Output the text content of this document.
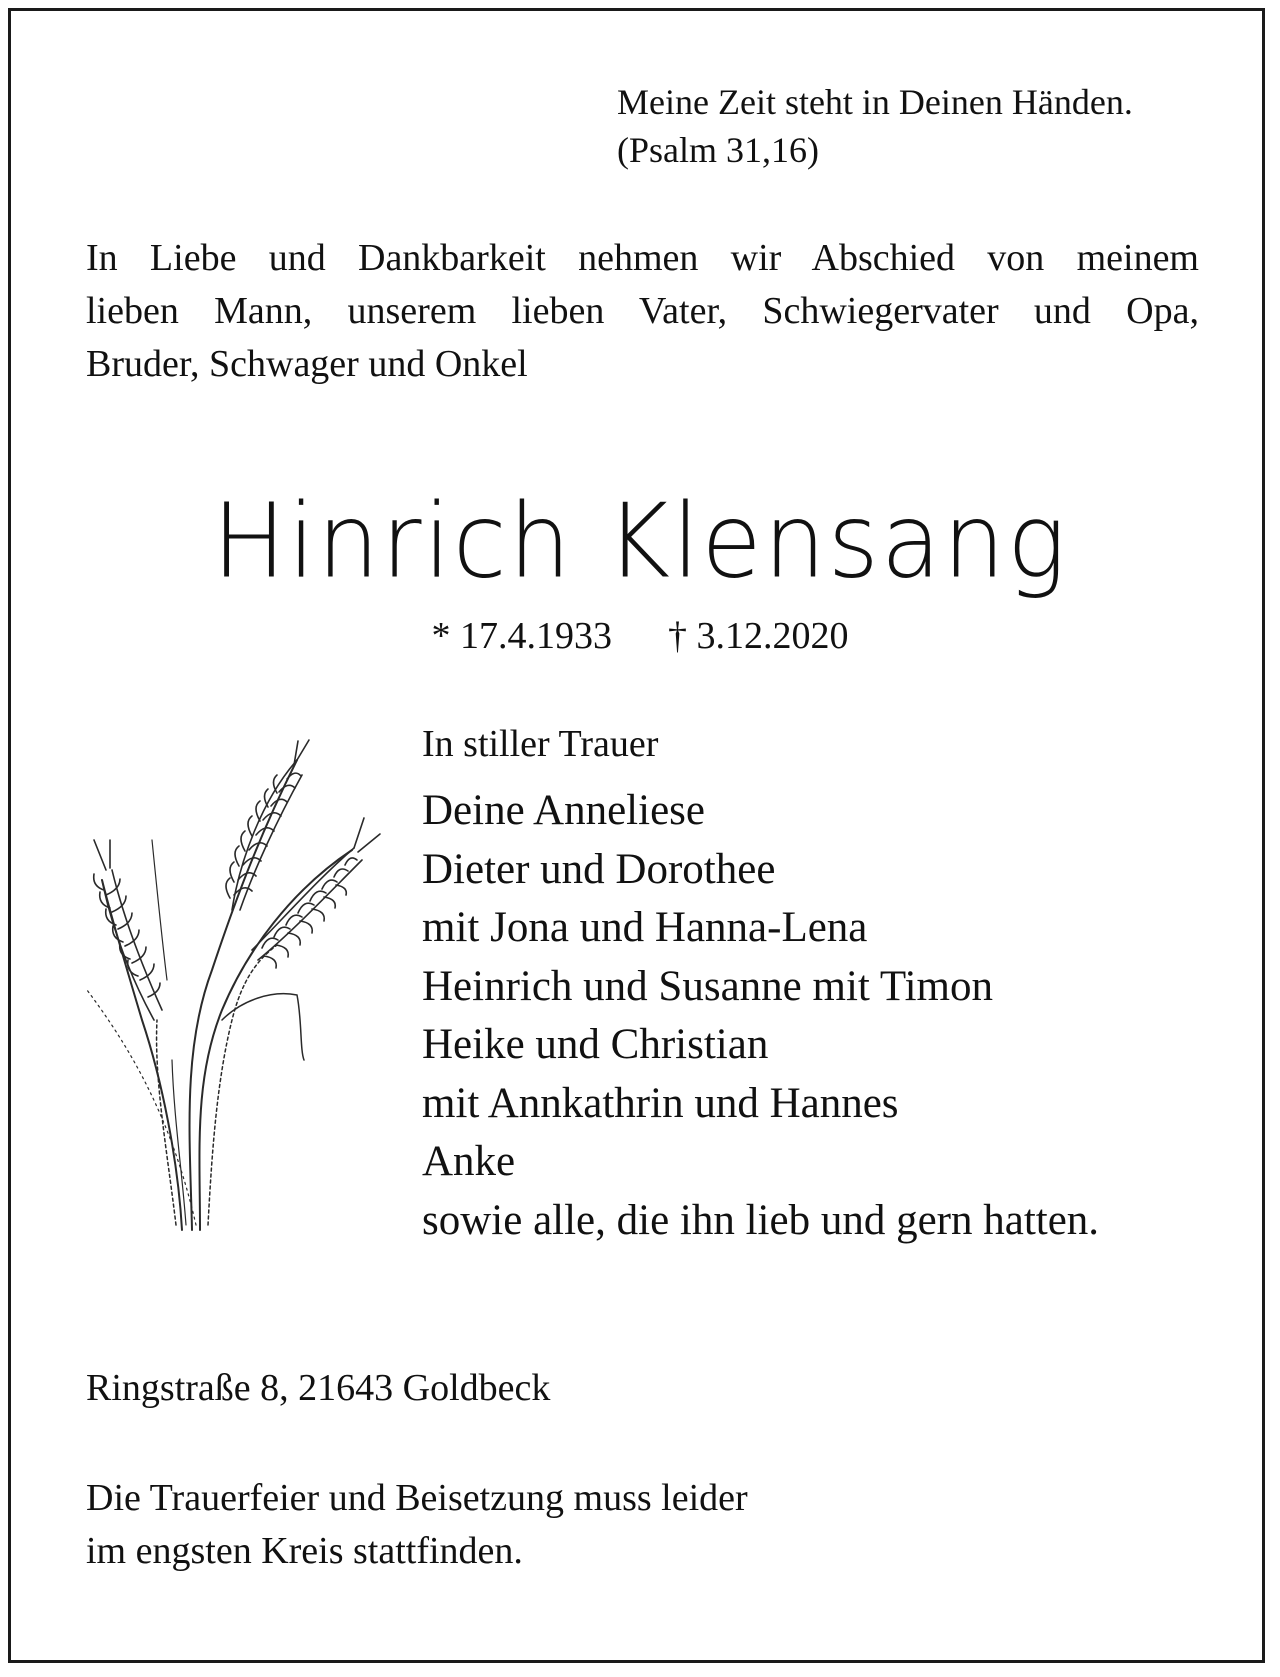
Meine Zeit steht in Deinen Händen.
(Psalm 31,16)
In Liebe und Dankbarkeit nehmen wir Abschied von meinem
lieben Mann, unserem lieben Vater, Schwiegervater und Opa,
Bruder, Schwager und Onkel
Hinrich Klensang
* 17.4.1933 † 3.12.2020
In stiller Trauer
Deine Anneliese
Dieter und Dorothee
mit Jona und Hanna-Lena
Heinrich und Susanne mit Timon
Heike und Christian
mit Annkathrin und Hannes
Anke
sowie alle, die ihn lieb und gern hatten.
Ringstraße 8, 21643 Goldbeck
Die Trauerfeier und Beisetzung muss leider
im engsten Kreis stattfinden.
